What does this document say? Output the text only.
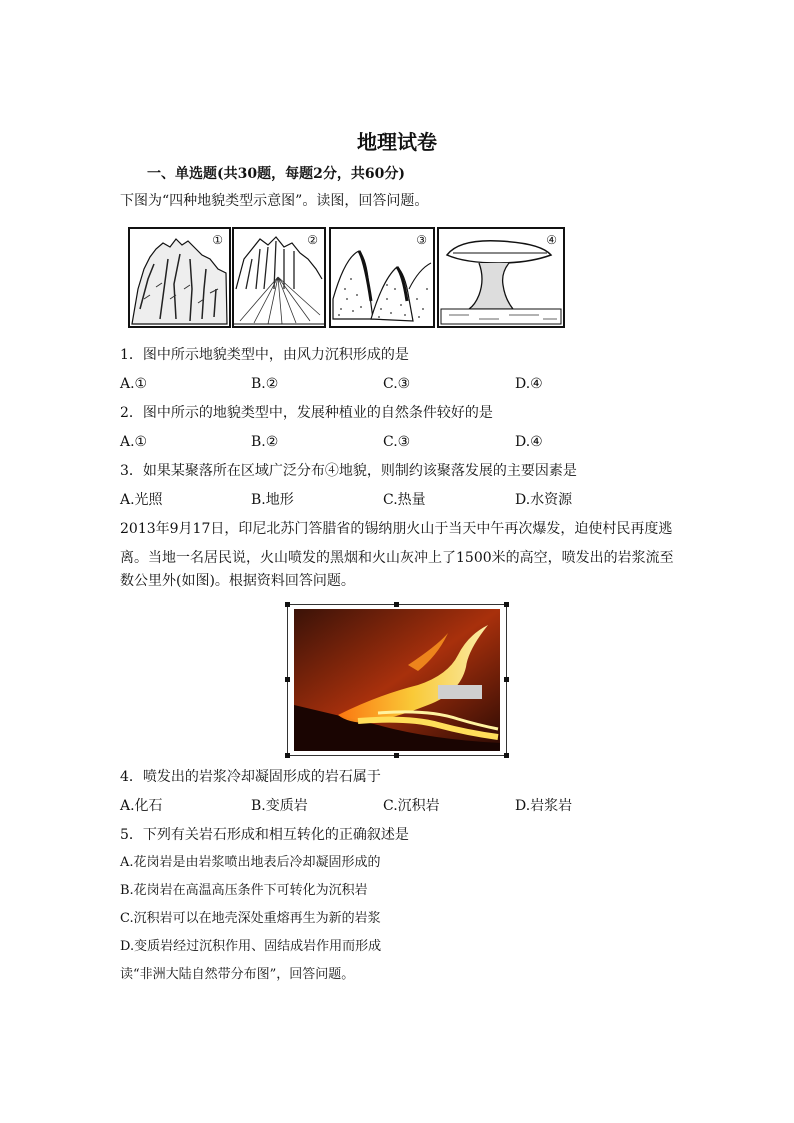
地理试卷
一、单选题(共30题，每题2分，共60分)
下图为“四种地貌类型示意图”。读图，回答问题。
①	②	③	④
1．图中所示地貌类型中，由风力沉积形成的是
A.①	B.②	C.③	D.④
2．图中所示的地貌类型中，发展种植业的自然条件较好的是
A.①	B.②	C.③	D.④
3．如果某聚落所在区域广泛分布④地貌，则制约该聚落发展的主要因素是
A.光照	B.地形	C.热量	D.水资源
2013年9月17日，印尼北苏门答腊省的锡纳朋火山于当天中午再次爆发，迫使村民再度逃
离。当地一名居民说，火山喷发的黑烟和火山灰冲上了1500米的高空，喷发出的岩浆流至
数公里外(如图)。根据资料回答问题。
4．喷发出的岩浆冷却凝固形成的岩石属于
A.化石	B.变质岩	C.沉积岩	D.岩浆岩
5．下列有关岩石形成和相互转化的正确叙述是
A.花岗岩是由岩浆喷出地表后冷却凝固形成的
B.花岗岩在高温高压条件下可转化为沉积岩
C.沉积岩可以在地壳深处重熔再生为新的岩浆
D.变质岩经过沉积作用、固结成岩作用而形成
读“非洲大陆自然带分布图”，回答问题。
